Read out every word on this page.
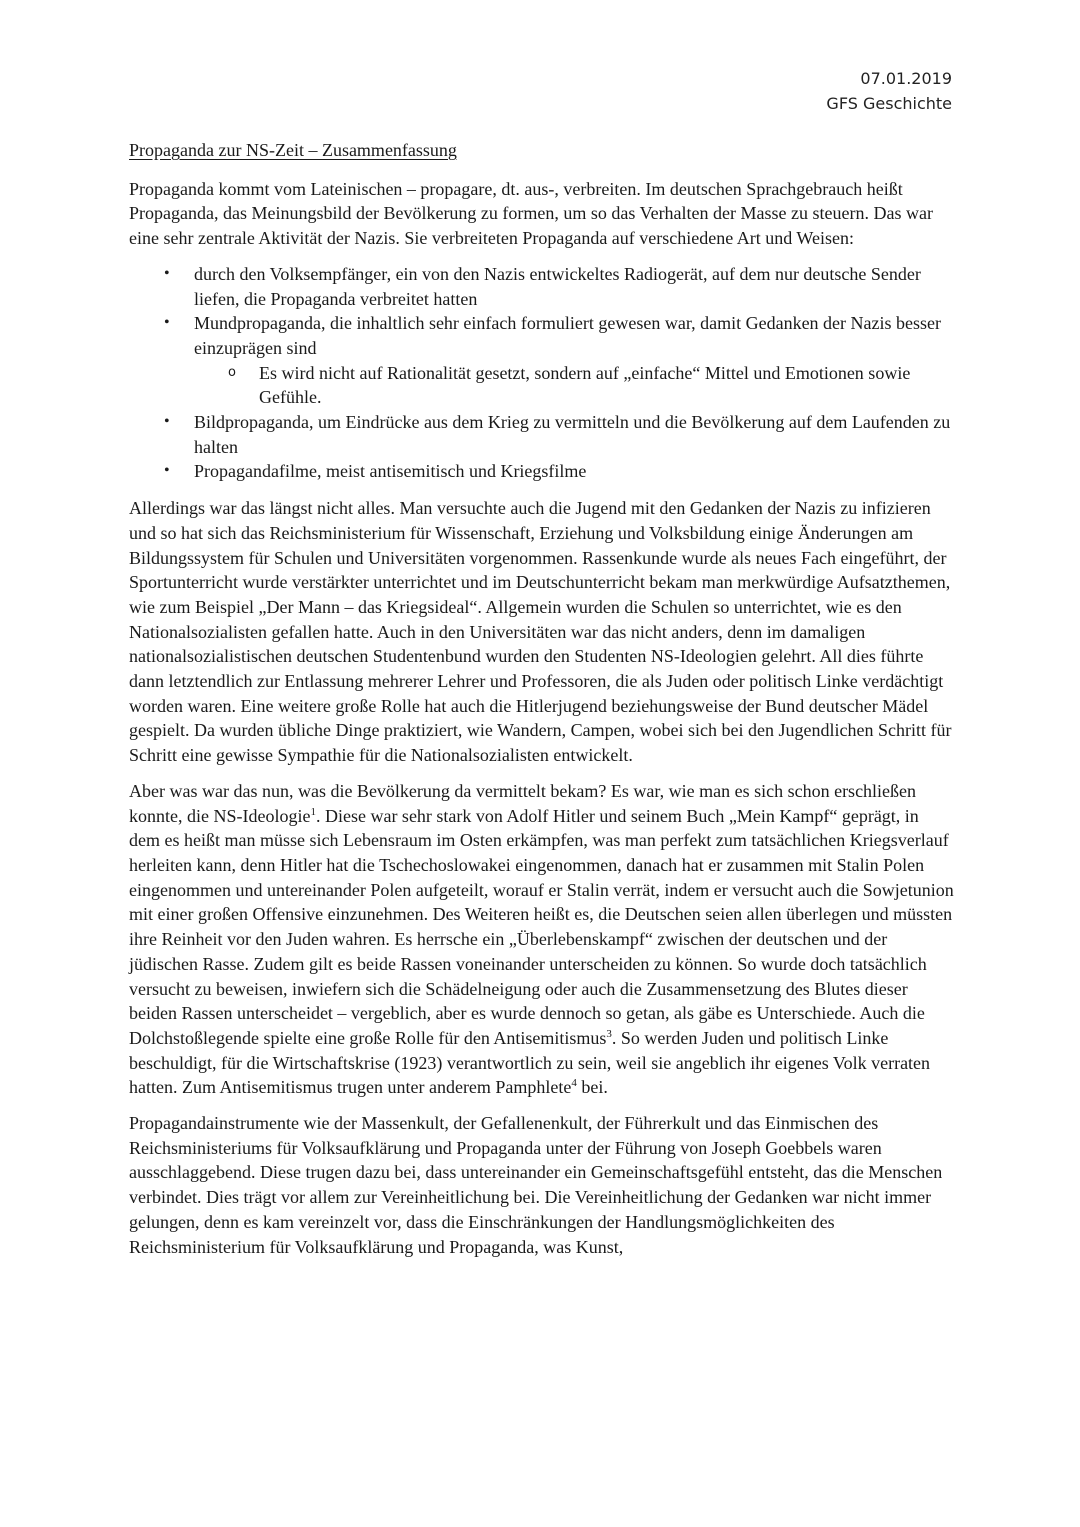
07.01.2019
GFS Geschichte
Propaganda zur NS-Zeit – Zusammenfassung

Propaganda kommt vom Lateinischen – propagare, dt. aus-, verbreiten. Im deutschen Sprachgebrauch heißt Propaganda, das Meinungsbild der Bevölkerung zu formen, um so das Verhalten der Masse zu steuern. Das war eine sehr zentrale Aktivität der Nazis. Sie verbreiteten Propaganda auf verschiedene Art und Weisen:

• durch den Volksempfänger, ein von den Nazis entwickeltes Radiogerät, auf dem nur deutsche Sender liefen, die Propaganda verbreitet hatten
• Mundpropaganda, die inhaltlich sehr einfach formuliert gewesen war, damit Gedanken der Nazis besser einzuprägen sind
o Es wird nicht auf Rationalität gesetzt, sondern auf „einfache“ Mittel und Emotionen sowie Gefühle.
• Bildpropaganda, um Eindrücke aus dem Krieg zu vermitteln und die Bevölkerung auf dem Laufenden zu halten
• Propagandafilme, meist antisemitisch und Kriegsfilme

Allerdings war das längst nicht alles. Man versuchte auch die Jugend mit den Gedanken der Nazis zu infizieren und so hat sich das Reichsministerium für Wissenschaft, Erziehung und Volksbildung einige Änderungen am Bildungssystem für Schulen und Universitäten vorgenommen. Rassenkunde wurde als neues Fach eingeführt, der Sportunterricht wurde verstärkter unterrichtet und im Deutschunterricht bekam man merkwürdige Aufsatzthemen, wie zum Beispiel „Der Mann – das Kriegsideal“. Allgemein wurden die Schulen so unterrichtet, wie es den Nationalsozialisten gefallen hatte. Auch in den Universitäten war das nicht anders, denn im damaligen nationalsozialistischen deutschen Studentenbund wurden den Studenten NS-Ideologien gelehrt. All dies führte dann letztendlich zur Entlassung mehrerer Lehrer und Professoren, die als Juden oder politisch Linke verdächtigt worden waren. Eine weitere große Rolle hat auch die Hitlerjugend beziehungsweise der Bund deutscher Mädel gespielt. Da wurden übliche Dinge praktiziert, wie Wandern, Campen, wobei sich bei den Jugendlichen Schritt für Schritt eine gewisse Sympathie für die Nationalsozialisten entwickelt.

Aber was war das nun, was die Bevölkerung da vermittelt bekam? Es war, wie man es sich schon erschließen konnte, die NS-Ideologie$^1$. Diese war sehr stark von Adolf Hitler und seinem Buch „Mein Kampf“ geprägt, in dem es heißt man müsse sich Lebensraum im Osten erkämpfen, was man perfekt zum tatsächlichen Kriegsverlauf herleiten kann, denn Hitler hat die Tschechoslowakei eingenommen, danach hat er zusammen mit Stalin Polen eingenommen und untereinander Polen aufgeteilt, worauf er Stalin verrät, indem er versucht auch die Sowjetunion mit einer großen Offensive einzunehmen. Des Weiteren heißt es, die Deutschen seien allen überlegen und müssten ihre Reinheit vor den Juden wahren. Es herrsche ein „Überlebenskampf“ zwischen der deutschen und der jüdischen Rasse. Zudem gilt es beide Rassen voneinander unterscheiden zu können. So wurde doch tatsächlich versucht zu beweisen, inwiefern sich die Schädelneigung oder auch die Zusammensetzung des Blutes dieser beiden Rassen unterscheidet – vergeblich, aber es wurde dennoch so getan, als gäbe es Unterschiede. Auch die Dolchstoßlegende spielte eine große Rolle für den Antisemitismus$^3$. So werden Juden und politisch Linke beschuldigt, für die Wirtschaftskrise (1923) verantwortlich zu sein, weil sie angeblich ihr eigenes Volk verraten hatten. Zum Antisemitismus trugen unter anderem Pamphlete$^4$ bei.

Propagandainstrumente wie der Massenkult, der Gefallenenkult, der Führerkult und das Einmischen des Reichsministeriums für Volksaufklärung und Propaganda unter der Führung von Joseph Goebbels waren ausschlaggebend. Diese trugen dazu bei, dass untereinander ein Gemeinschaftsgefühl entsteht, das die Menschen verbindet. Dies trägt vor allem zur Vereinheitlichung bei. Die Vereinheitlichung der Gedanken war nicht immer gelungen, denn es kam vereinzelt vor, dass die Einschränkungen der Handlungsmöglichkeiten des Reichsministerium für Volksaufklärung und Propaganda, was Kunst,
